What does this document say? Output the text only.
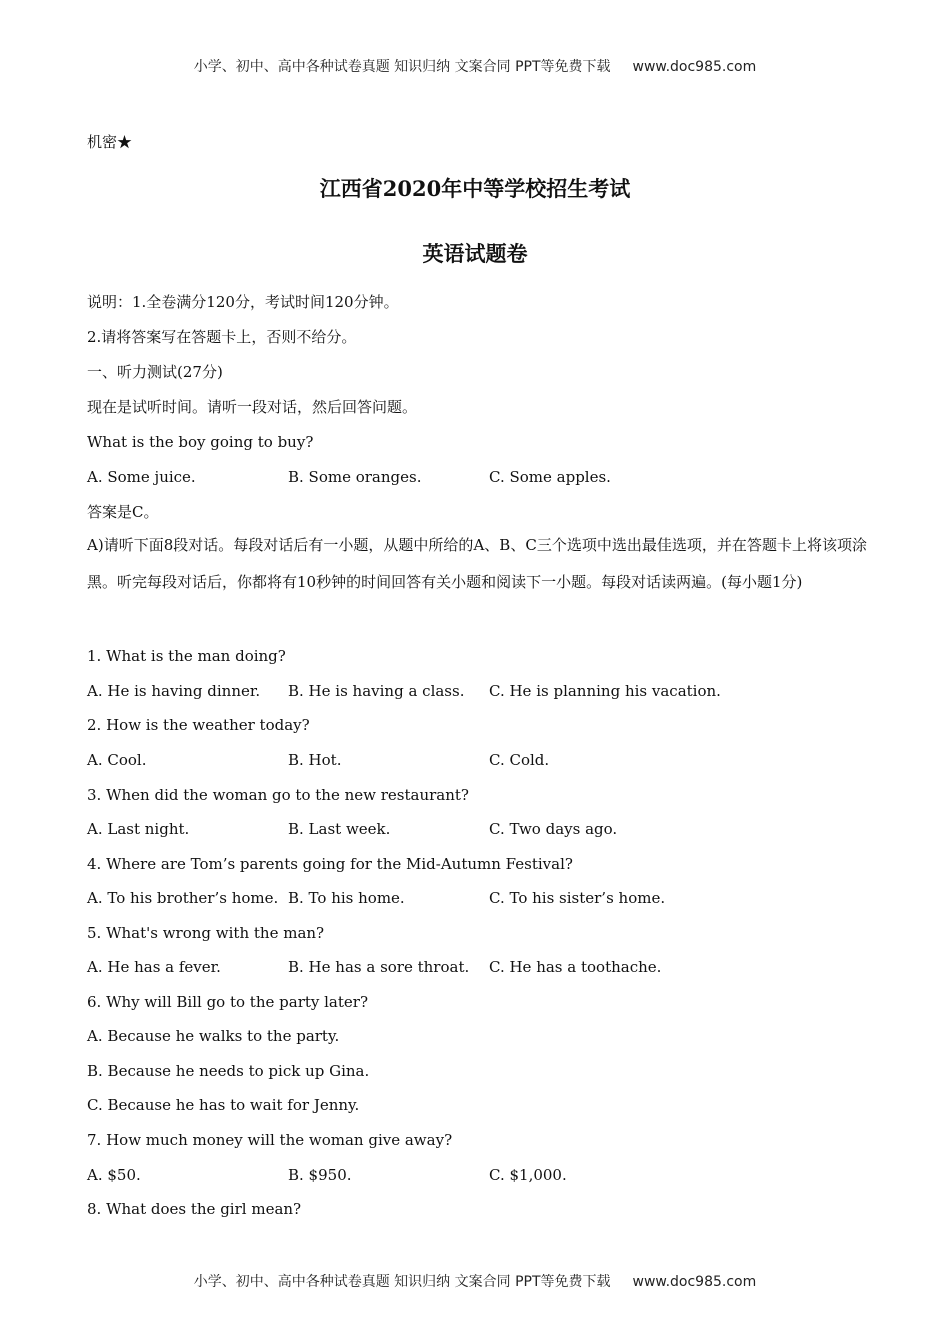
小学、初中、高中各种试卷真题 知识归纳 文案合同 PPT等免费下载 www.doc985.com
机密★
江西省2020年中等学校招生考试
英语试题卷
说明：1.全卷满分120分，考试时间120分钟。
2.请将答案写在答题卡上，否则不给分。
一、听力测试(27分)
现在是试听时间。请听一段对话，然后回答问题。
What is the boy going to buy?
A. Some juice.	B. Some oranges.	C. Some apples.
答案是C。
A)请听下面8段对话。每段对话后有一小题，从题中所给的A、B、C三个选项中选出最佳选项，并在答题卡上将该项涂黑。听完每段对话后，你都将有10秒钟的时间回答有关小题和阅读下一小题。每段对话读两遍。(每小题1分)
1. What is the man doing?
A. He is having dinner. B. He is having a class. C. He is planning his vacation.
2. How is the weather today?
A. Cool.	B. Hot.	C. Cold.
3. When did the woman go to the new restaurant?
A. Last night.	B. Last week.	C. Two days ago.
4. Where are Tom’s parents going for the Mid-Autumn Festival?
A. To his brother’s home. B. To his home.	C. To his sister’s home.
5. What's wrong with the man?
A. He has a fever.	B. He has a sore throat. C. He has a toothache.
6. Why will Bill go to the party later?
A. Because he walks to the party.
B. Because he needs to pick up Gina.
C. Because he has to wait for Jenny.
7. How much money will the woman give away?
A. $50.	B. $950.	C. $1,000.
8. What does the girl mean?
小学、初中、高中各种试卷真题 知识归纳 文案合同 PPT等免费下载 www.doc985.com
